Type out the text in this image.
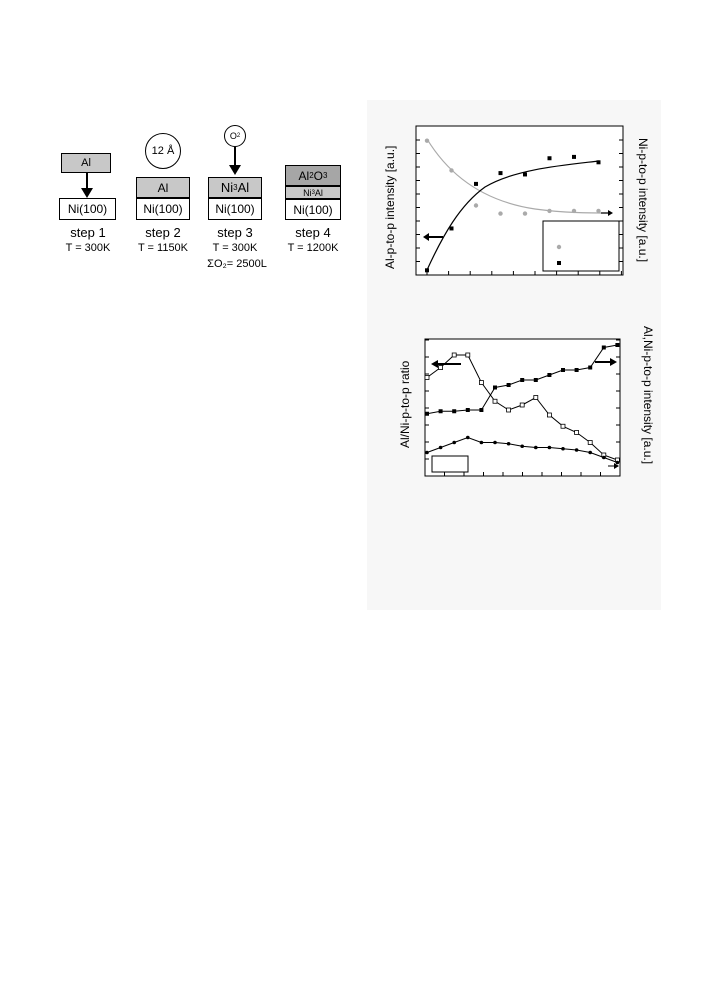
Al
Ni(100)
step 1
T = 300K
12 Å
Al
Ni(100)
step 2
T = 1150K
O 2
Ni 3 Al
Ni(100)
step 3
T = 300K
ΣO₂= 2500L
Al 2 O 3
Ni 3 Al
Ni(100)
step 4
T = 1200K	Al-p-to-p intensity [a.u.]	Ni-p-to-p intensity [a.u.]
Al/Ni-p-to-p ratio	Al,Ni-p-to-p intensity [a.u.]
